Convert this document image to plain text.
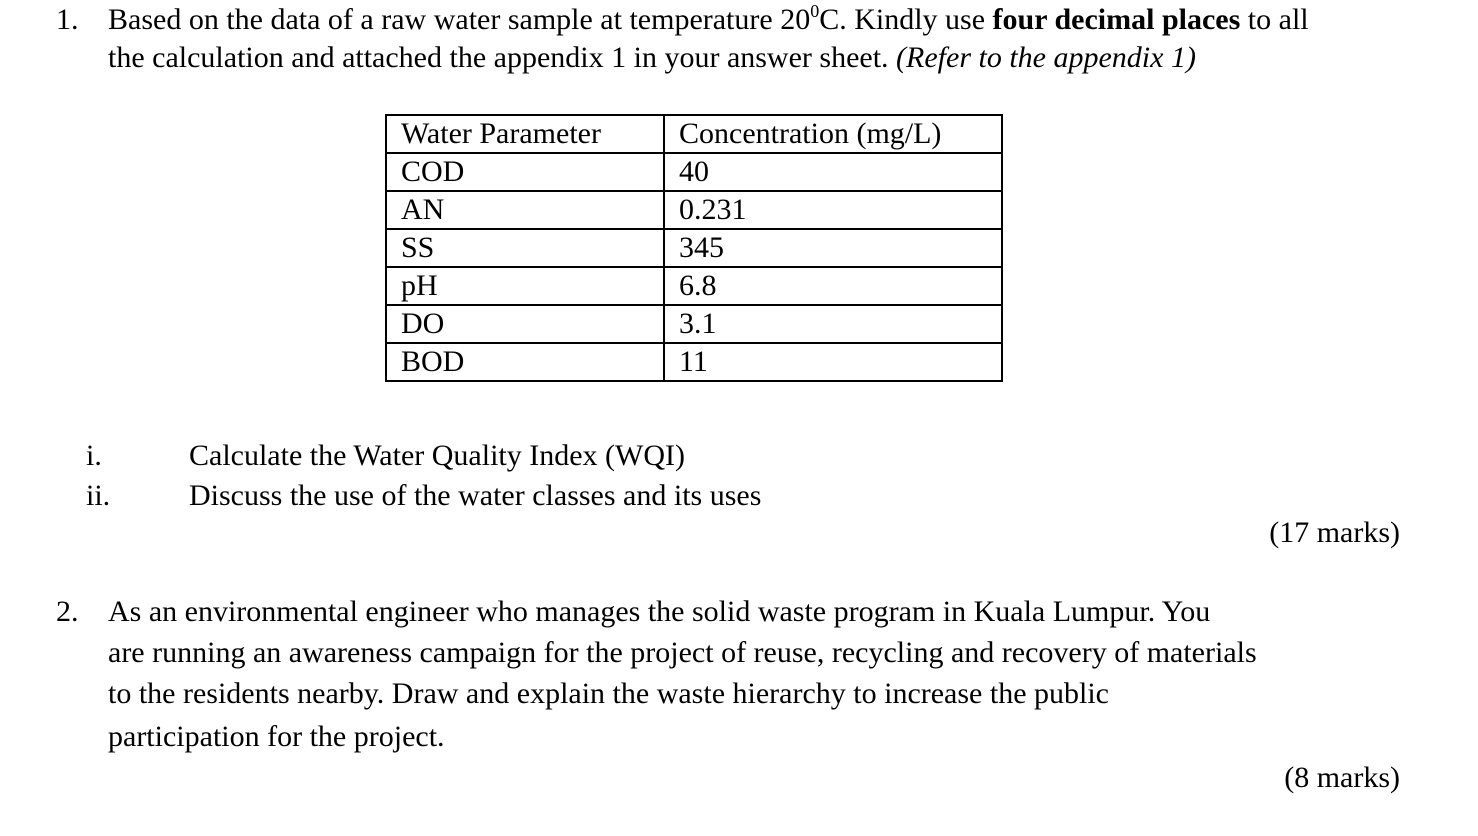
1. Based on the data of a raw water sample at temperature $20^0C$. Kindly use four decimal places to all
the calculation and attached the appendix 1 in your answer sheet. (Refer to the appendix 1)
Water Parameter	Concentration (mg/L)
COD	40
AN	0.231
SS	345
pH	6.8
DO	3.1
BOD	11
i.	Calculate the Water Quality Index (WQI)
ii.	Discuss the use of the water classes and its uses
(17 marks)
2. As an environmental engineer who manages the solid waste program in Kuala Lumpur. You
are running an awareness campaign for the project of reuse, recycling and recovery of materials
to the residents nearby. Draw and explain the waste hierarchy to increase the public
participation for the project.
(8 marks)
